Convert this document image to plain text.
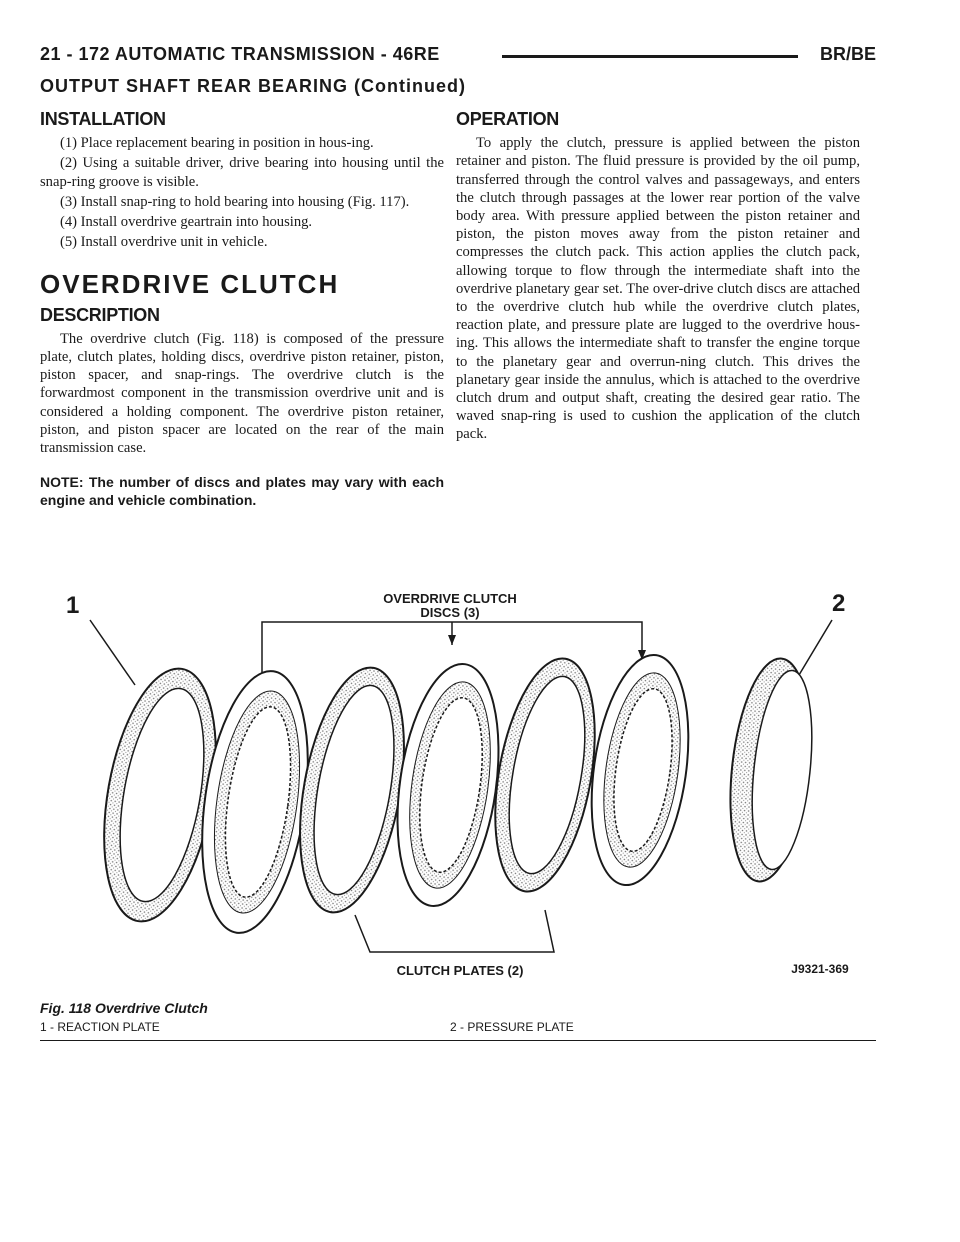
21 - 172 AUTOMATIC TRANSMISSION - 46RE	BR/BE
OUTPUT SHAFT REAR BEARING (Continued)
INSTALLATION

(1) Place replacement bearing in position in hous-ing.

(2) Using a suitable driver, drive bearing into housing until the snap-ring groove is visible.

(3) Install snap-ring to hold bearing into housing (Fig. 117).

(4) Install overdrive geartrain into housing.

(5) Install overdrive unit in vehicle.

OVERDRIVE CLUTCH
DESCRIPTION

The overdrive clutch (Fig. 118) is composed of the pressure plate, clutch plates, holding discs, overdrive piston retainer, piston, piston spacer, and snap-rings. The overdrive clutch is the forwardmost component in the transmission overdrive unit and is considered a holding component. The overdrive piston retainer, piston, and piston spacer are located on the rear of the main transmission case.

NOTE: The number of discs and plates may vary with each engine and vehicle combination.

OPERATION

To apply the clutch, pressure is applied between the piston retainer and piston. The fluid pressure is provided by the oil pump, transferred through the control valves and passageways, and enters the clutch through passages at the lower rear portion of the valve body area. With pressure applied between the piston retainer and piston, the piston moves away from the piston retainer and compresses the clutch pack. This action applies the clutch pack, allowing torque to flow through the intermediate shaft into the overdrive planetary gear set. The over-drive clutch discs are attached to the overdrive clutch hub while the overdrive clutch plates, reaction plate, and pressure plate are lugged to the overdrive hous-ing. This allows the intermediate shaft to transfer the engine torque to the planetary gear and overrun-ning clutch. This drives the planetary gear inside the annulus, which is attached to the overdrive clutch drum and output shaft, creating the desired gear ratio. The waved snap-ring is used to cushion the application of the clutch pack.

1	2
OVERDRIVE CLUTCH
DISCS (3)
CLUTCH PLATES (2)	J9321-369
Fig. 118 Overdrive Clutch
1 - REACTION PLATE	2 - PRESSURE PLATE
